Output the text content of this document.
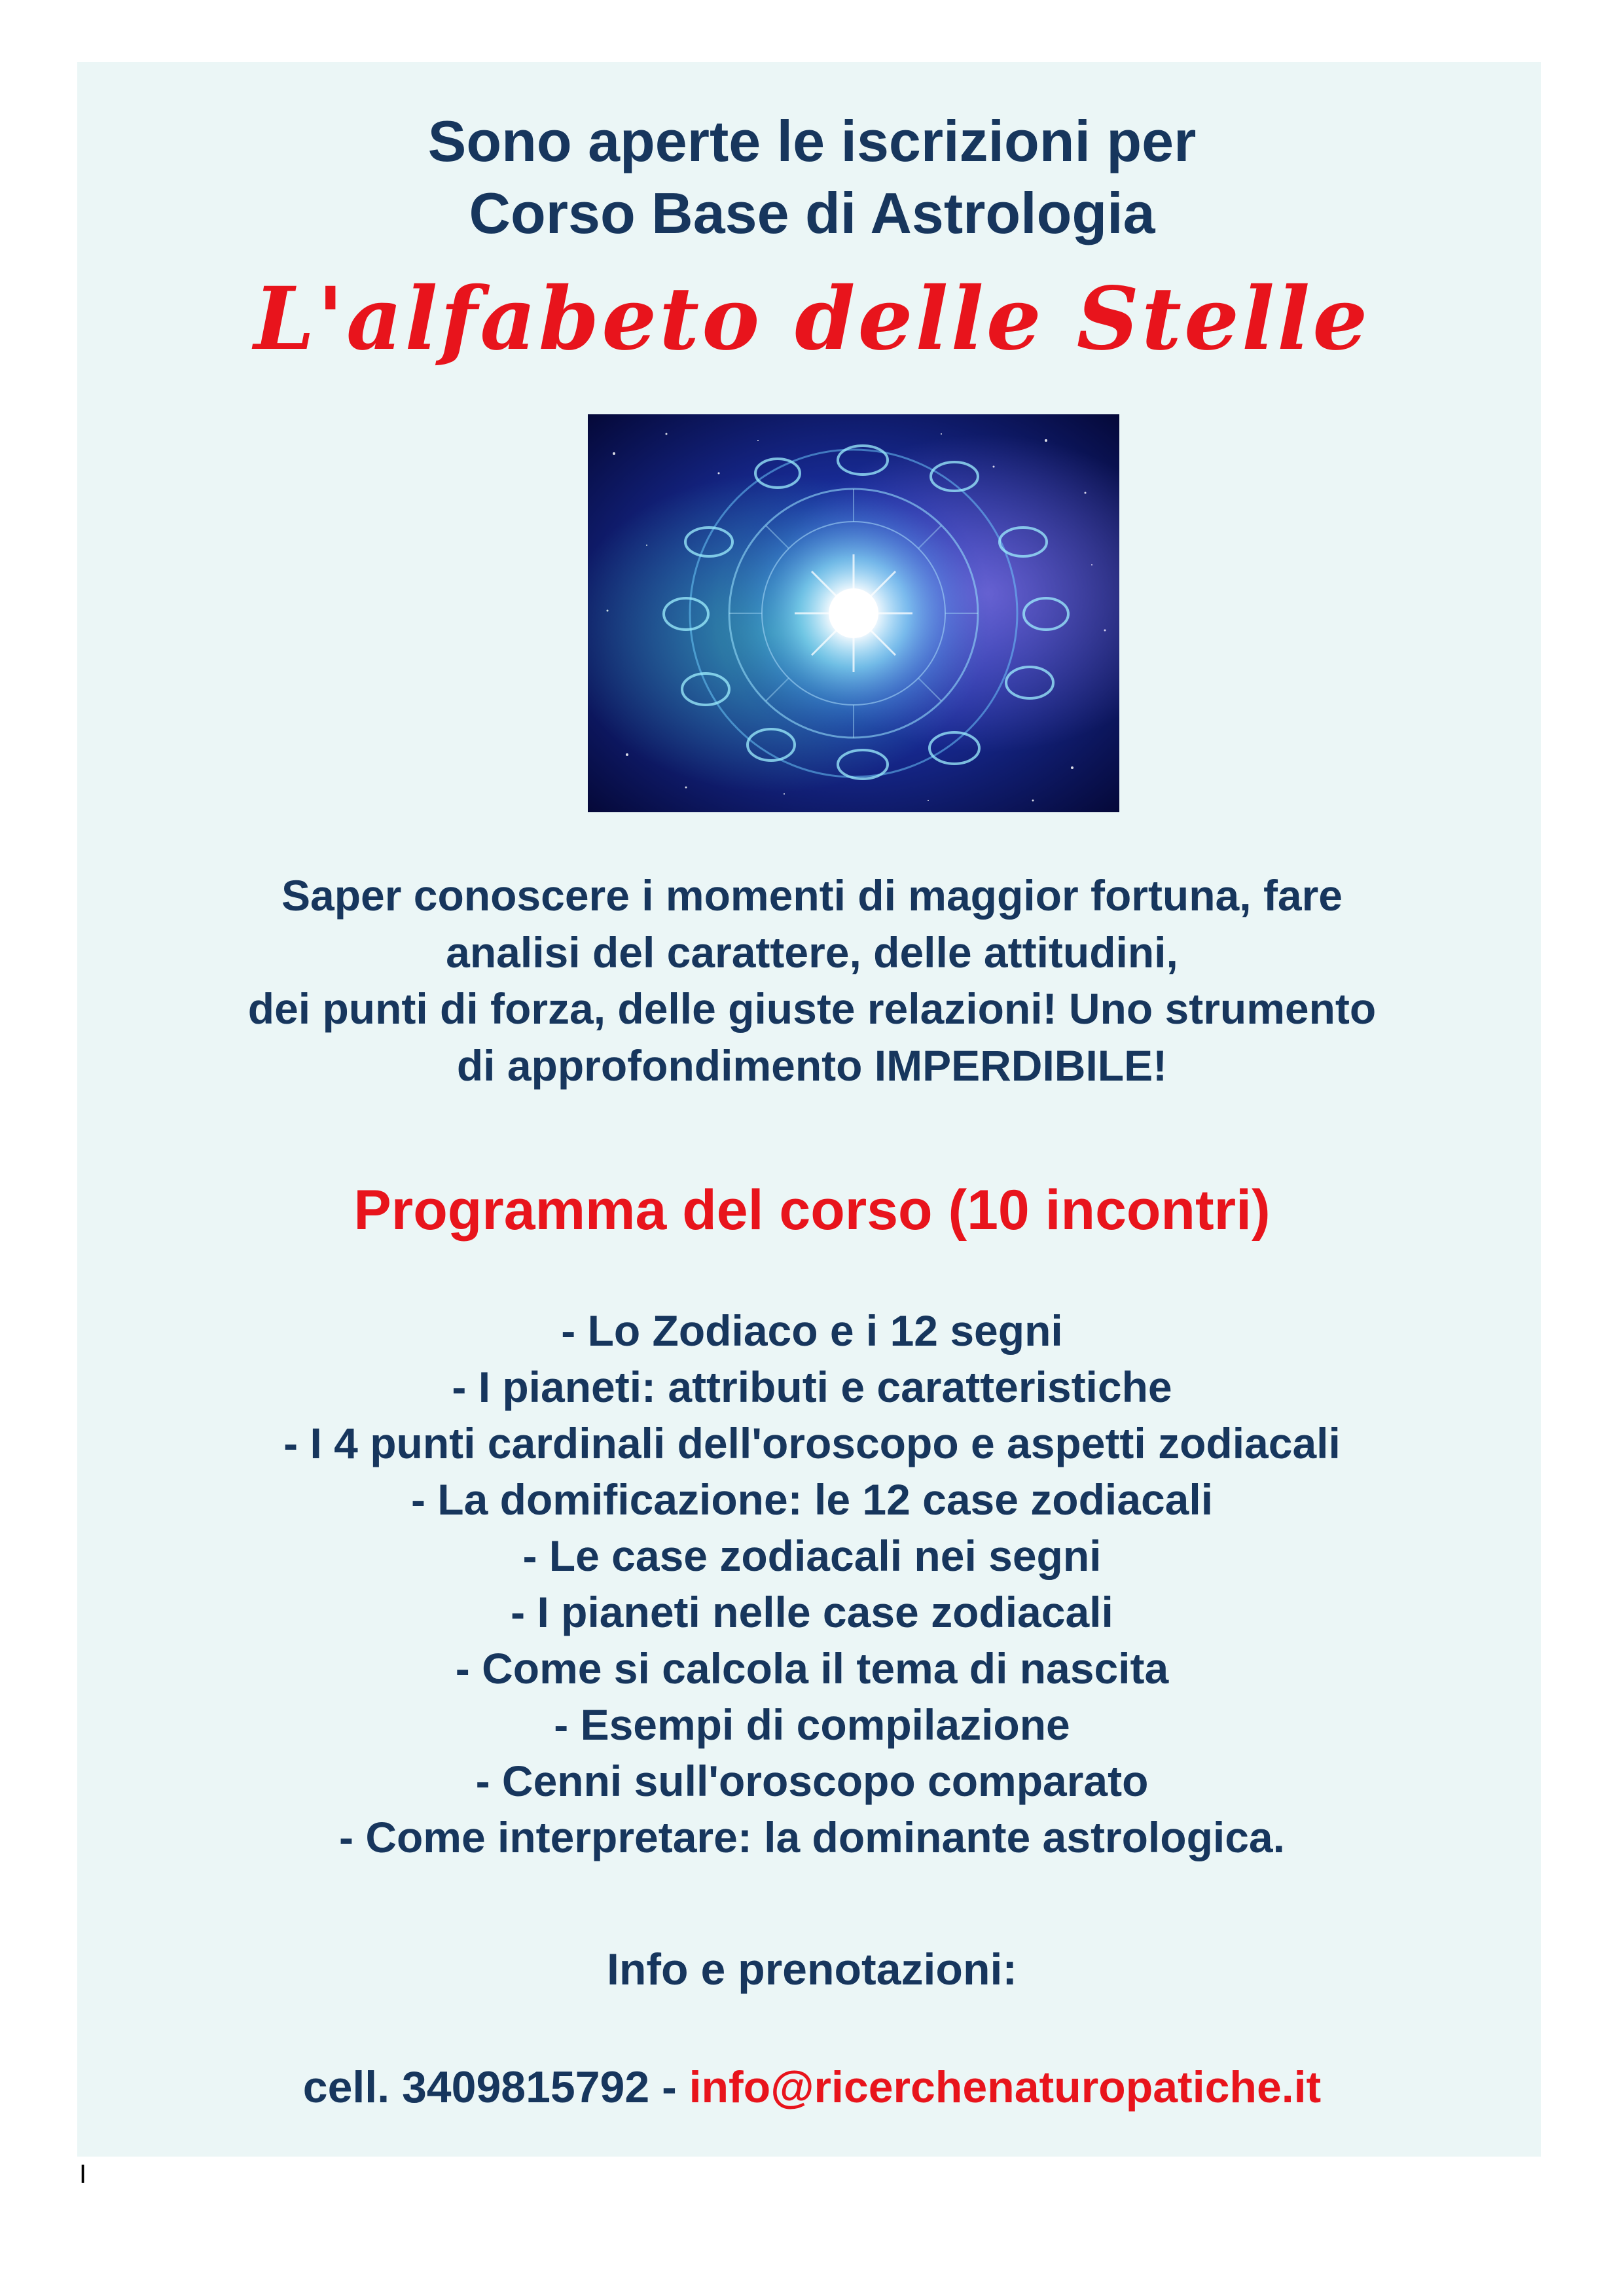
Sono aperte le iscrizioni per
Corso Base di Astrologia
L'alfabeto delle Stelle
Saper conoscere i momenti di maggior fortuna, fare
analisi del carattere, delle attitudini,
dei punti di forza, delle giuste relazioni! Uno strumento
di approfondimento IMPERDIBILE!
Programma del corso (10 incontri)
- Lo Zodiaco e i 12 segni
- I pianeti: attributi e caratteristiche
- I 4 punti cardinali dell'oroscopo e aspetti zodiacali
- La domificazione: le 12 case zodiacali
- Le case zodiacali nei segni
- I pianeti nelle case zodiacali
- Come si calcola il tema di nascita
- Esempi di compilazione
- Cenni sull'oroscopo comparato
- Come interpretare: la dominante astrologica.
Info e prenotazioni:
cell. 3409815792 - info@ricerchenaturopatiche.it
I
